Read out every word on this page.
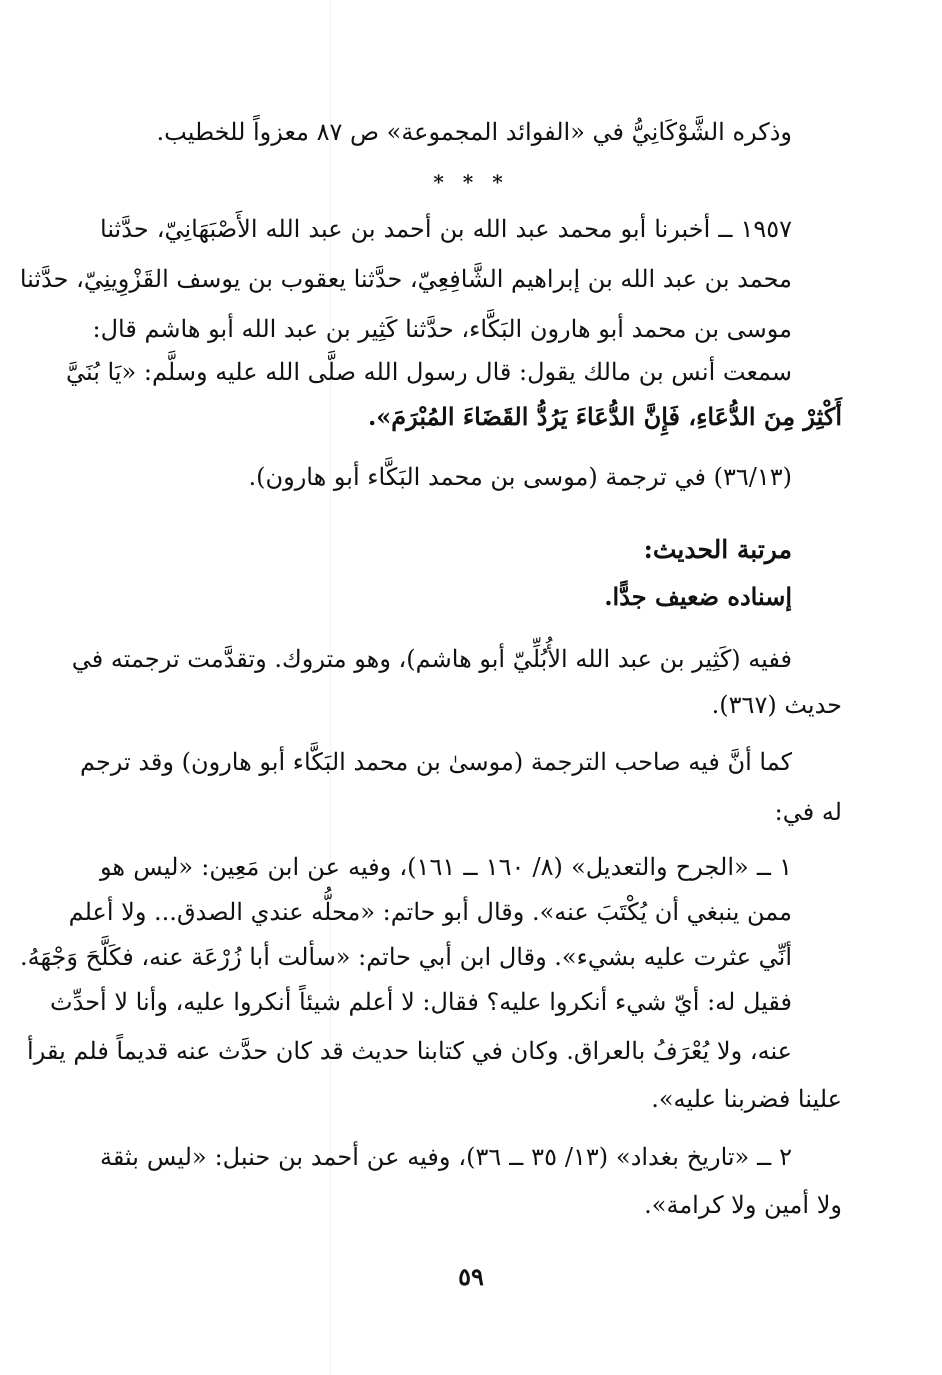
وذكره الشَّوْكَانِيُّ في «الفوائد المجموعة» ص ٨٧ معزواً للخطيب.
* * *
١٩٥٧ ــ أخبرنا أبو محمد عبد الله بن أحمد بن عبد الله الأَصْبَهَانِيّ، حدَّثنا
محمد بن عبد الله بن إبراهيم الشَّافِعِيّ، حدَّثنا يعقوب بن يوسف القَزْوِينِيّ، حدَّثنا
موسى بن محمد أبو هارون البَكَّاء، حدَّثنا كَثِير بن عبد الله أبو هاشم قال:
سمعت أنس بن مالك يقول: قال رسول الله صلَّى الله عليه وسلَّم: «يَا بُنَيَّ
أَكْثِرْ مِنَ الدُّعَاءِ، فَإِنَّ الدُّعَاءَ يَرُدُّ القَضَاءَ المُبْرَمَ».
(٣٦/١٣) في ترجمة (موسى بن محمد البَكَّاء أبو هارون).
مرتبة الحديث:
إسناده ضعيف جدًّا.
ففيه (كَثِير بن عبد الله الأُبُلِّيّ أبو هاشم)، وهو متروك. وتقدَّمت ترجمته في
حديث (٣٦٧).
كما أنَّ فيه صاحب الترجمة (موسىٰ بن محمد البَكَّاء أبو هارون) وقد ترجم
له في:
١ ــ «الجرح والتعديل» (٨/ ١٦٠ ــ ١٦١)، وفيه عن ابن مَعِين: «ليس هو
ممن ينبغي أن يُكْتَبَ عنه». وقال أبو حاتم: «محلُّه عندي الصدق... ولا أعلم
أنِّي عثرت عليه بشيء». وقال ابن أبي حاتم: «سألت أبا زُرْعَة عنه، فكَلَّحَ وَجْهَهُ.
فقيل له: أيّ شيء أنكروا عليه؟ فقال: لا أعلم شيئاً أنكروا عليه، وأنا لا أحدِّث
عنه، ولا يُعْرَفُ بالعراق. وكان في كتابنا حديث قد كان حدَّث عنه قديماً فلم يقرأ
علينا فضربنا عليه».
٢ ــ «تاريخ بغداد» (١٣/ ٣٥ ــ ٣٦)، وفيه عن أحمد بن حنبل: «ليس بثقة
ولا أمين ولا كرامة».
٥٩
